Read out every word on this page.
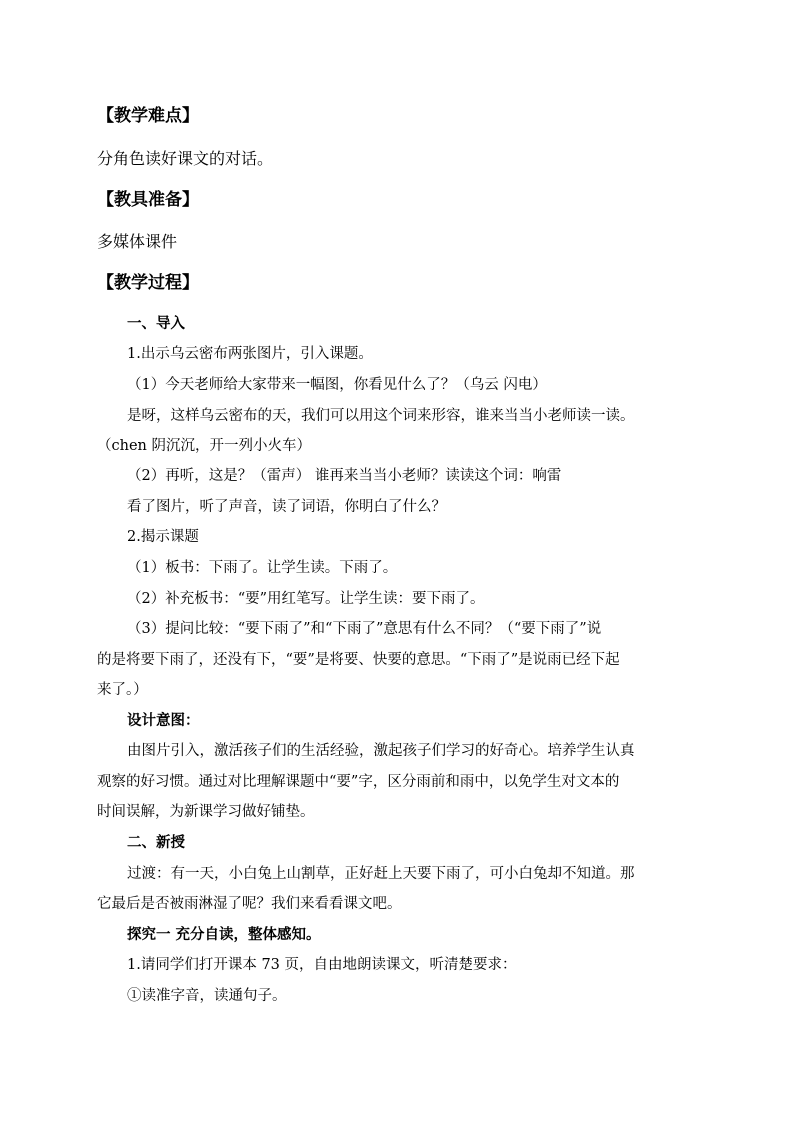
【教学难点】
分角色读好课文的对话。
【教具准备】
多媒体课件
【教学过程】
一、导入
1.出示乌云密布两张图片，引入课题。
（1）今天老师给大家带来一幅图，你看见什么了？（乌云 闪电）
是呀，这样乌云密布的天，我们可以用这个词来形容，谁来当当小老师读一读。
（chen 阴沉沉，开一列小火车）
（2）再听，这是？（雷声） 谁再来当当小老师？读读这个词：响雷
看了图片，听了声音，读了词语，你明白了什么？
2.揭示课题
（1）板书：下雨了。让学生读。下雨了。
（2）补充板书：“要”用红笔写。让学生读：要下雨了。
（3）提问比较：“要下雨了”和“下雨了”意思有什么不同？（“要下雨了”说
的是将要下雨了，还没有下，“要”是将要、快要的意思。“下雨了”是说雨已经下起
来了。）
设计意图：
由图片引入，激活孩子们的生活经验，激起孩子们学习的好奇心。培养学生认真
观察的好习惯。通过对比理解课题中“要”字，区分雨前和雨中，以免学生对文本的
时间误解，为新课学习做好铺垫。
二、新授
过渡：有一天，小白兔上山割草，正好赶上天要下雨了，可小白兔却不知道。那
它最后是否被雨淋湿了呢？我们来看看课文吧。
探究一 充分自读，整体感知。
1.请同学们打开课本 73 页，自由地朗读课文，听清楚要求：
①读准字音，读通句子。
